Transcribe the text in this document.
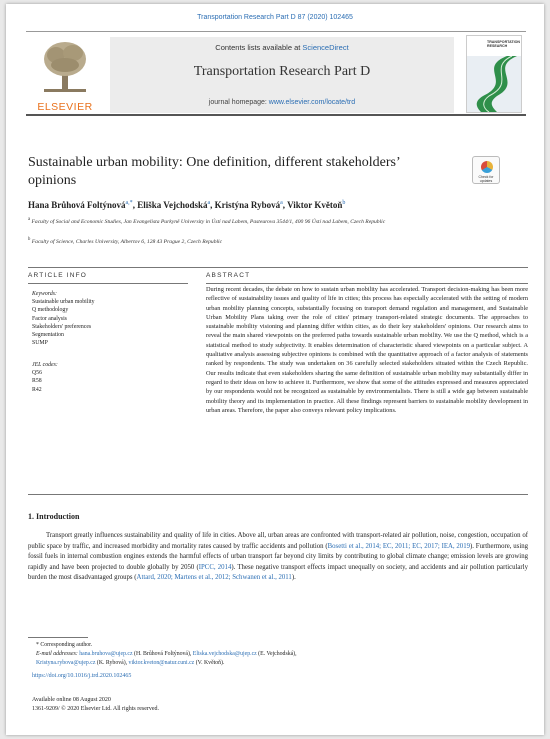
Transportation Research Part D 87 (2020) 102465
ELSEVIER
Contents lists available at ScienceDirect
Transportation Research Part D
journal homepage: www.elsevier.com/locate/trd
TRANSPORTATION RESEARCH
Sustainable urban mobility: One definition, different stakeholders’ opinions	Check for
updates
Hana Brůhová Foltýnová$^{a,*}$, Eliška Vejchodská$^a$, Kristýna Rybová$^a$, Viktor Květoň$^b$
$^a$ Faculty of Social and Economic Studies, Jan Evangelista Purkyně University in Ústí nad Labem, Pasteurova 3544/1, 400 96 Ústí nad Labem, Czech Republic
$^b$ Faculty of Science, Charles University, Albertov 6, 128 43 Prague 2, Czech Republic
ARTICLE INFO	ABSTRACT
Keywords:
Sustainable urban mobility
Q methodology
Factor analysis
Stakeholders' preferences
Segmentation
SUMP
JEL codes:
Q56
R58
R42
During recent decades, the debate on how to sustain urban mobility has accelerated. Transport decision-making has been more reflective of sustainability issues and quality of life in cities; this process has especially accelerated with the setting of modern urban mobility planning concepts, substantially focusing on transport demand regulation and management, and Sustainable Urban Mobility Plans taking over the role of cities' primary transport-related strategic documents. The approaches to sustainable mobility visioning and planning differ within cities, as do their key stakeholders' opinions. Our research aims to reveal the main shared viewpoints on the preferred paths towards sustainable urban mobility. We use the Q method, which is a statistical method to study subjectivity. It enables determination of characteristic shared viewpoints on a particular subject. A qualitative analysis assessing subjective opinions is combined with the quantitative approach of a factor analysis of statements ranked by respondents. The study was undertaken on 36 carefully selected stakeholders situated within the Czech Republic. Our results indicate that even stakeholders sharing the same definition of sustainable urban mobility may substantially differ in regard to their ideas on how to achieve it. Furthermore, we show that some of the attitudes expressed and measures appreciated by our respondents would not be recognized as sustainable by environmentalists. There is still a wide gap between sustainable mobility theory and its implementation in practice. All these findings represent barriers to sustainable mobility development in urban areas. Therefore, the paper also conveys relevant policy implications.
1. Introduction
Transport greatly influences sustainability and quality of life in cities. Above all, urban areas are confronted with transport-related air pollution, noise, congestion, occupation of public space by traffic, and increased morbidity and mortality rates caused by traffic accidents and pollution (Bosetti et al., 2014; EC, 2011; EC, 2017; IEA, 2019). Furthermore, using fossil fuels in internal combustion engines extends the harmful effects of urban transport far beyond city limits by contributing to global climate change; emission levels are growing rapidly and have been projected to double globally by 2050 (IPCC, 2014). These negative transport effects impact unequally on society, and accidents and air pollution particularly burden the most disadvantaged groups (Attard, 2020; Martens et al., 2012; Schwanen et al., 2011).
* Corresponding author.
E-mail addresses: hana.bruhova@ujep.cz (H. Brůhová Foltýnová), Eliska.vejchodska@ujep.cz (E. Vejchodská),
Kristyna.rybova@ujep.cz (K. Rybová), viktor.kveton@natur.cuni.cz (V. Květoň).
https://doi.org/10.1016/j.trd.2020.102465
Available online 08 August 2020
1361-9209/ © 2020 Elsevier Ltd. All rights reserved.
